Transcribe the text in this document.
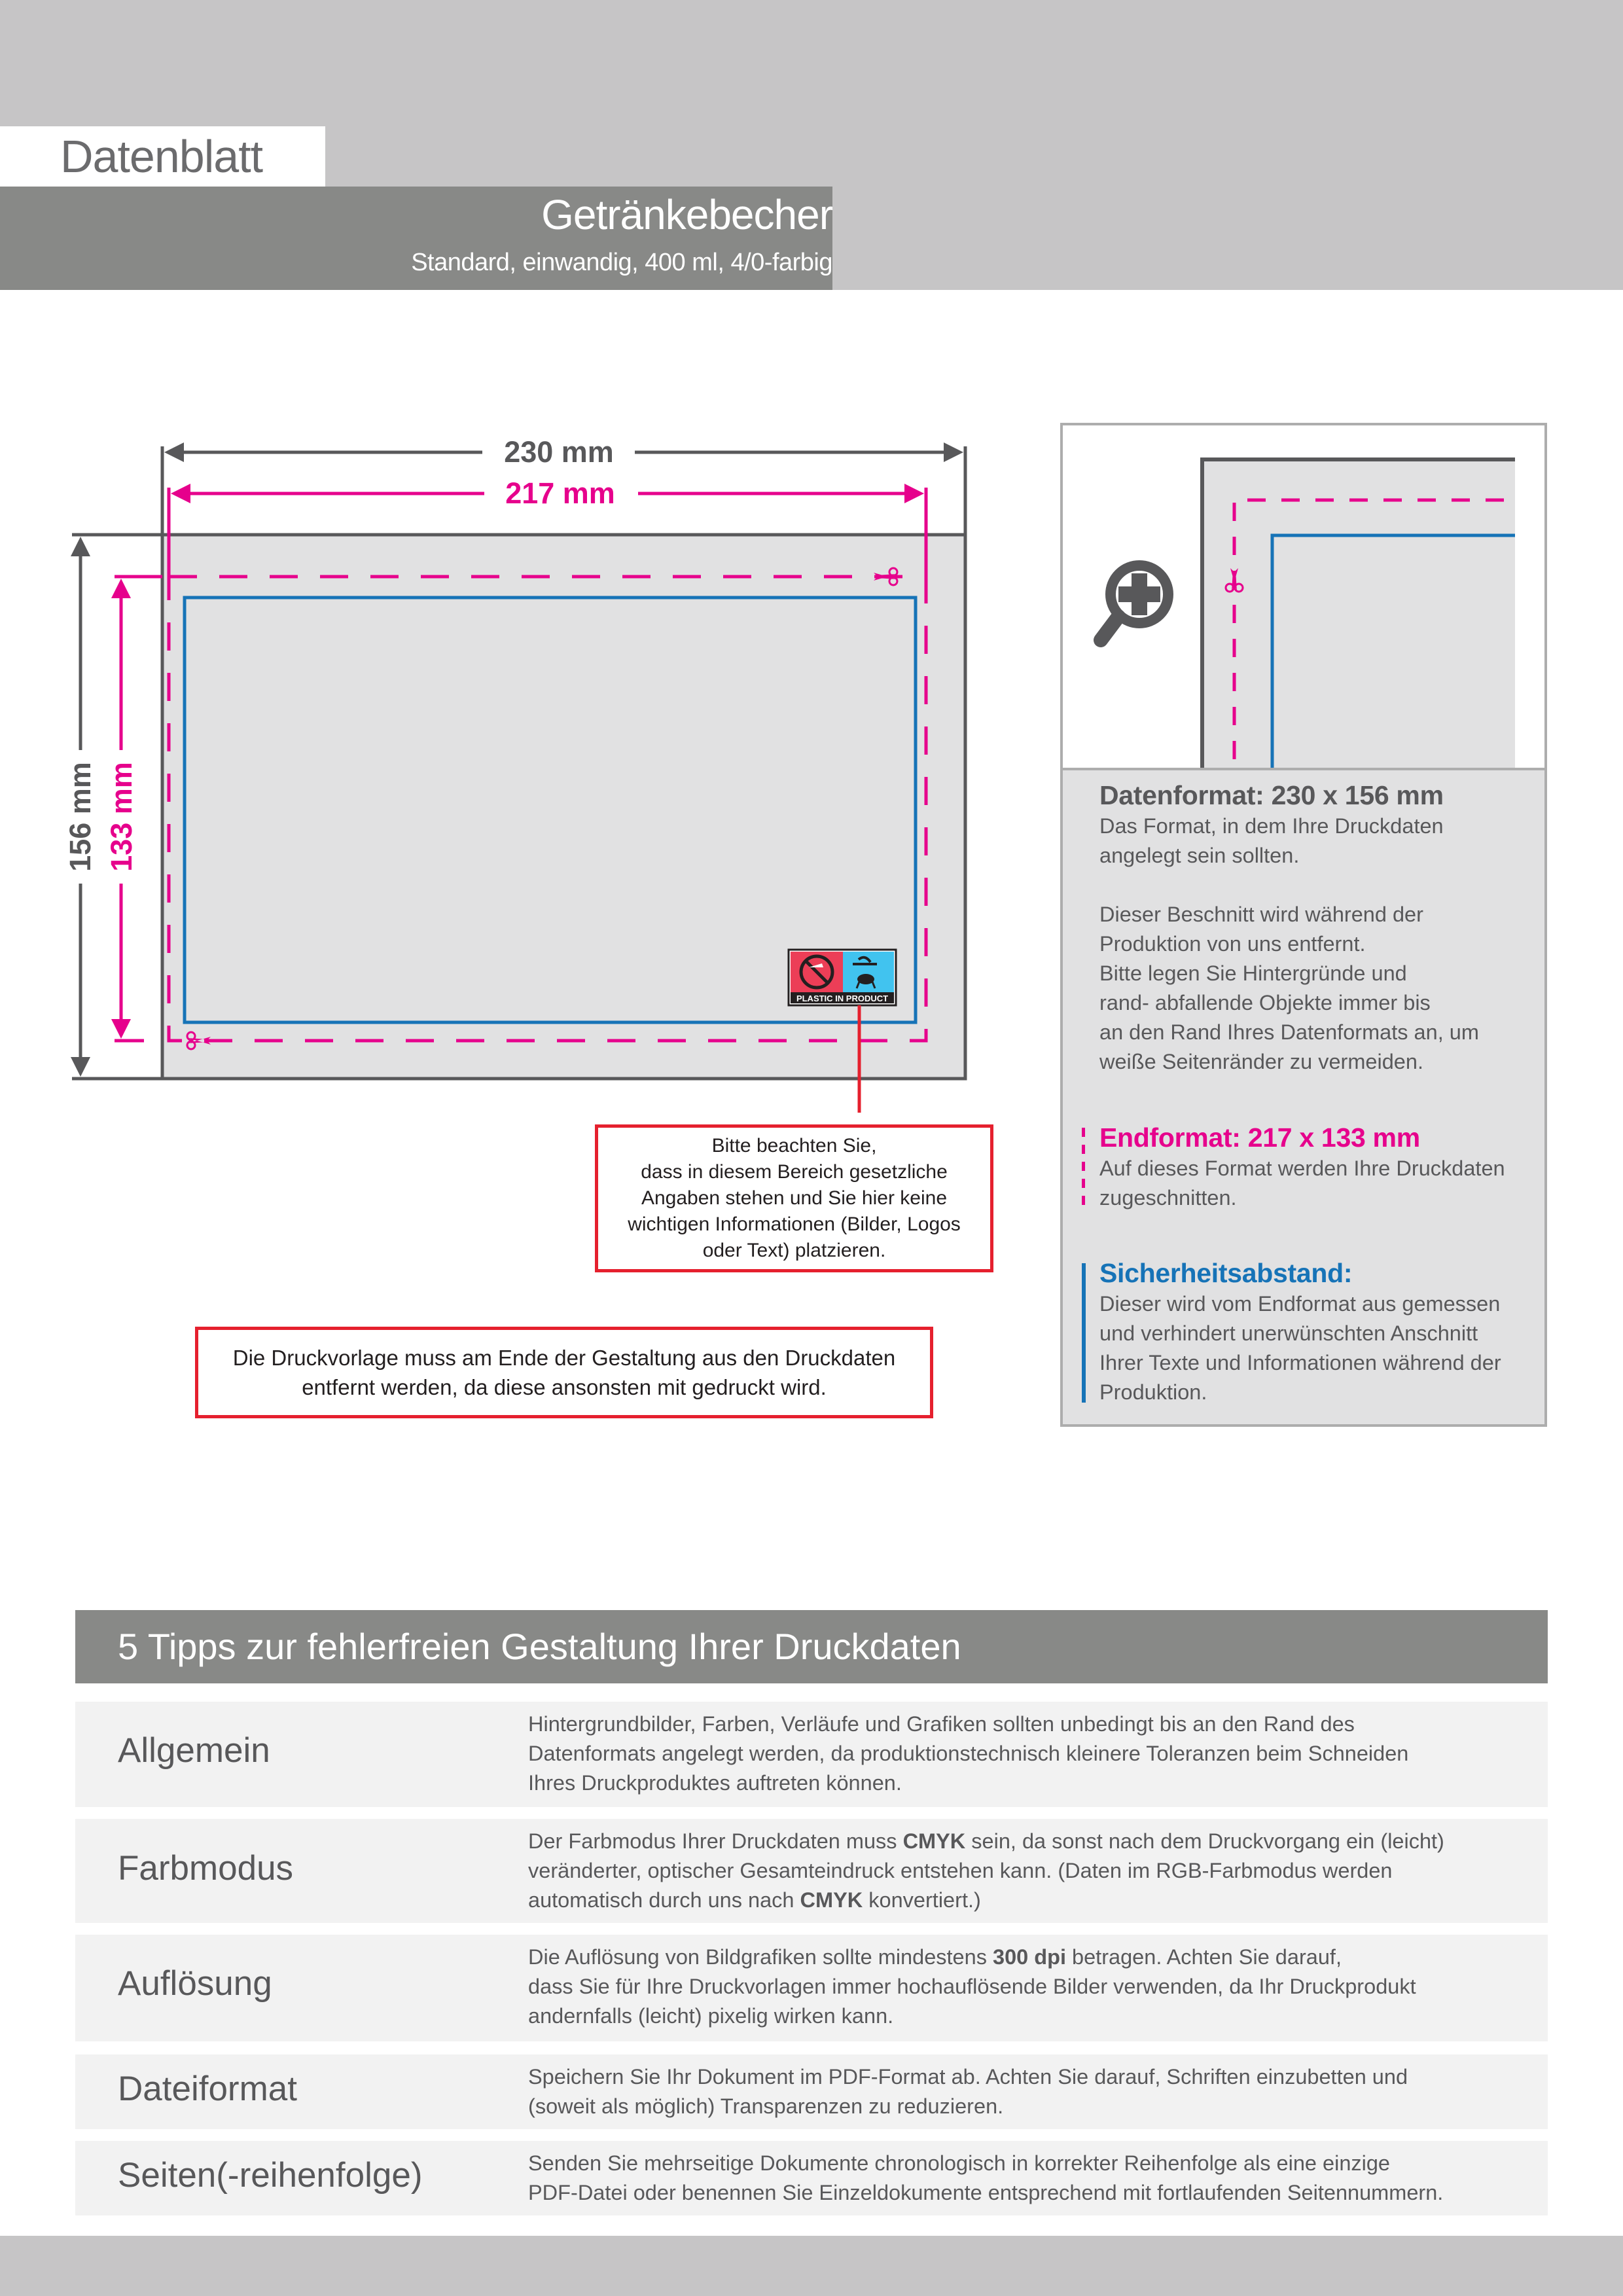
Datenblatt
Getränkebecher
Standard, einwandig, 400 ml, 4/0-farbig
230 mm
217 mm
156 mm 133 mm
PLASTIC IN PRODUCT
Bitte beachten Sie,
dass in diesem Bereich gesetzliche
Angaben stehen und Sie hier keine
wichtigen Informationen (Bilder, Logos
oder Text) platzieren.
Die Druckvorlage muss am Ende der Gestaltung aus den Druckdaten
entfernt werden, da diese ansonsten mit gedruckt wird.
Datenformat: 230 x 156 mm

Das Format, in dem Ihre Druckdaten
angelegt sein sollten.

Dieser Beschnitt wird während der
Produktion von uns entfernt.
Bitte legen Sie Hintergründe und
rand- abfallende Objekte immer bis
an den Rand Ihres Datenformats an, um
weiße Seitenränder zu vermeiden.

Endformat: 217 x 133 mm

Auf dieses Format werden Ihre Druckdaten
zugeschnitten.

Sicherheitsabstand:

Dieser wird vom Endformat aus gemessen
und verhindert unerwünschten Anschnitt
Ihrer Texte und Informationen während der
Produktion.

5 Tipps zur fehlerfreien Gestaltung Ihrer Druckdaten
Allgemein
Hintergrundbilder, Farben, Verläufe und Grafiken sollten unbedingt bis an den Rand des
Datenformats angelegt werden, da produktionstechnisch kleinere Toleranzen beim Schneiden
Ihres Druckproduktes auftreten können.
Farbmodus
Der Farbmodus Ihrer Druckdaten muss CMYK sein, da sonst nach dem Druckvorgang ein (leicht)
veränderter, optischer Gesamteindruck entstehen kann. (Daten im RGB-Farbmodus werden
automatisch durch uns nach CMYK konvertiert.)
Auflösung
Die Auflösung von Bildgrafiken sollte mindestens 300 dpi betragen. Achten Sie darauf,
dass Sie für Ihre Druckvorlagen immer hochauflösende Bilder verwenden, da Ihr Druckprodukt
andernfalls (leicht) pixelig wirken kann.
Dateiformat	Speichern Sie Ihr Dokument im PDF-Format ab. Achten Sie darauf, Schriften einzubetten und
(soweit als möglich) Transparenzen zu reduzieren.
Seiten(-reihenfolge)	Senden Sie mehrseitige Dokumente chronologisch in korrekter Reihenfolge als eine einzige
PDF-Datei oder benennen Sie Einzeldokumente entsprechend mit fortlaufenden Seitennummern.
